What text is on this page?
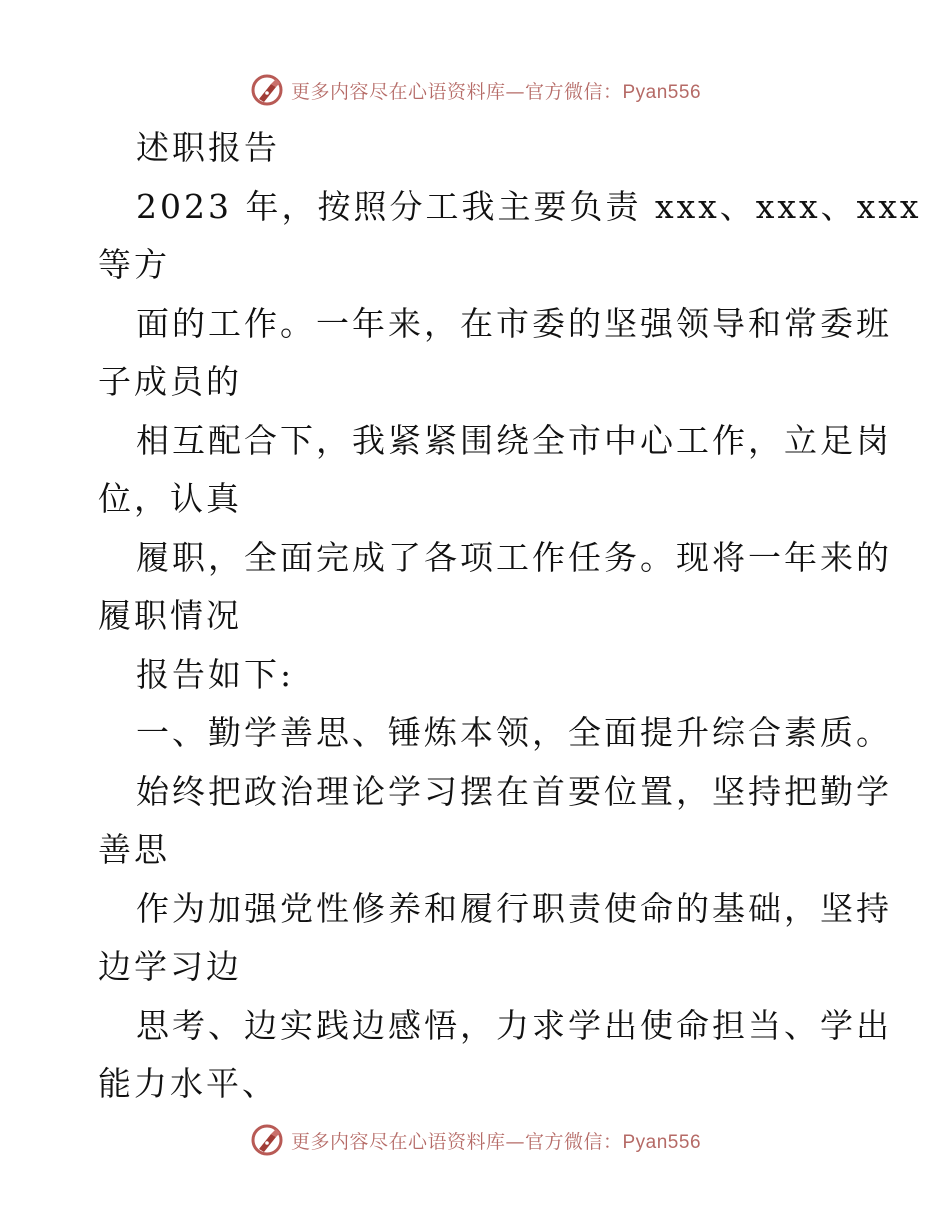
更多内容尽在心语资料库—官方微信：Pyan556
述职报告
2023 年，按照分工我主要负责 xxx、xxx、xxx
等方
面的工作。一年来，在市委的坚强领导和常委班
子成员的
相互配合下，我紧紧围绕全市中心工作，立足岗
位，认真
履职，全面完成了各项工作任务。现将一年来的
履职情况
报告如下:
一、勤学善思、锤炼本领，全面提升综合素质。
始终把政治理论学习摆在首要位置，坚持把勤学
善思
作为加强党性修养和履行职责使命的基础，坚持
边学习边
思考、边实践边感悟，力求学出使命担当、学出
能力水平、
更多内容尽在心语资料库—官方微信：Pyan556
